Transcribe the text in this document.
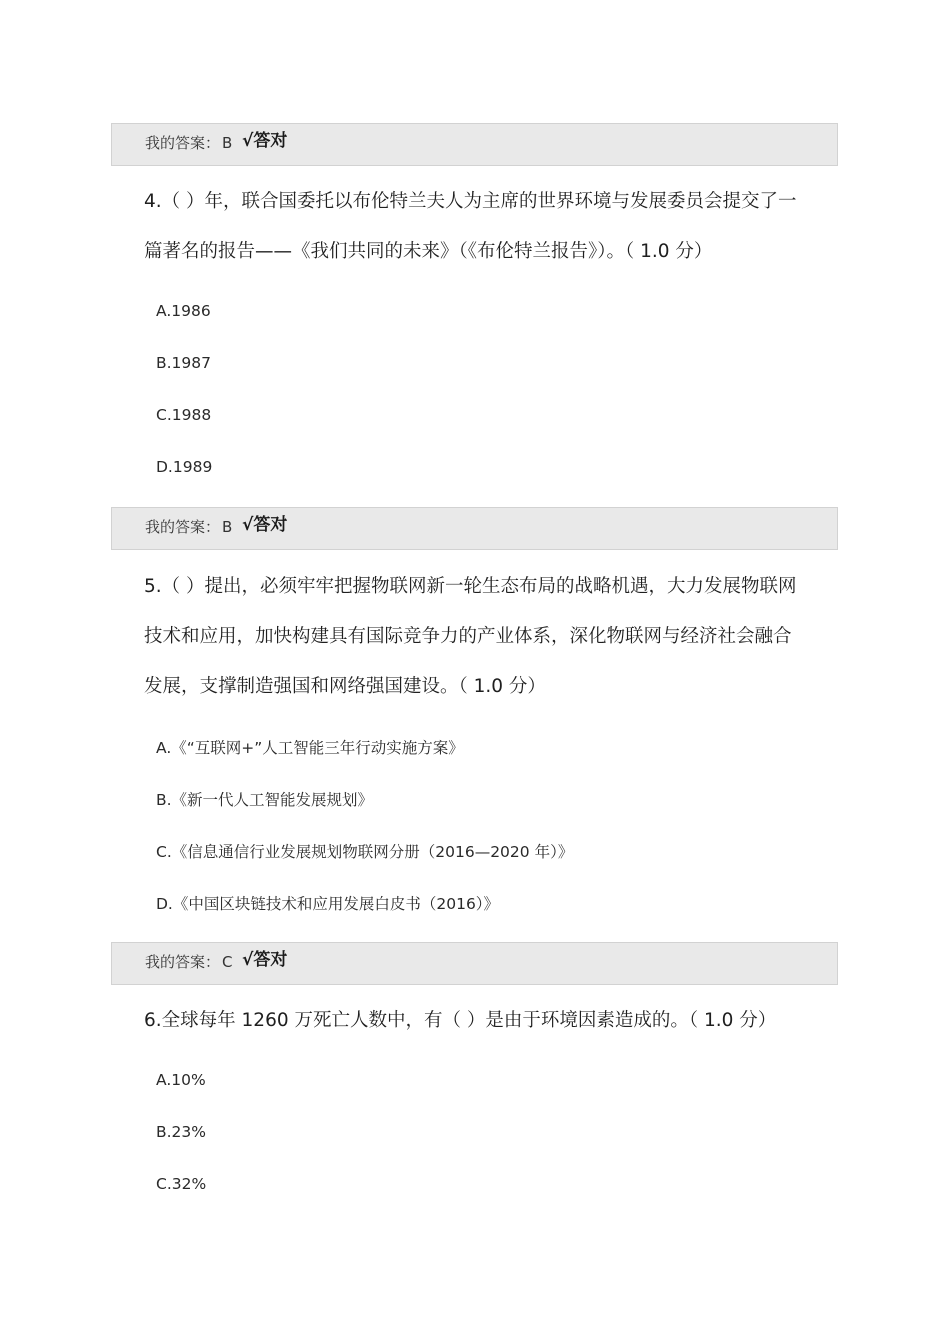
我的答案： B √答对
4.（ ）年，联合国委托以布伦特兰夫人为主席的世界环境与发展委员会提交了一
篇著名的报告——《我们共同的未来》（《布伦特兰报告》）。（ 1.0 分）
A.1986
B.1987
C.1988
D.1989
我的答案： B √答对
5.（ ）提出，必须牢牢把握物联网新一轮生态布局的战略机遇，大力发展物联网
技术和应用，加快构建具有国际竞争力的产业体系，深化物联网与经济社会融合
发展，支撑制造强国和网络强国建设。（ 1.0 分）
A.《“互联网+”人工智能三年行动实施方案》
B.《新一代人工智能发展规划》
C.《信息通信行业发展规划物联网分册（2016—2020 年）》
D.《中国区块链技术和应用发展白皮书（2016）》
我的答案： C √答对
6.全球每年 1260 万死亡人数中，有（ ）是由于环境因素造成的。（ 1.0 分）
A.10%
B.23%
C.32%
